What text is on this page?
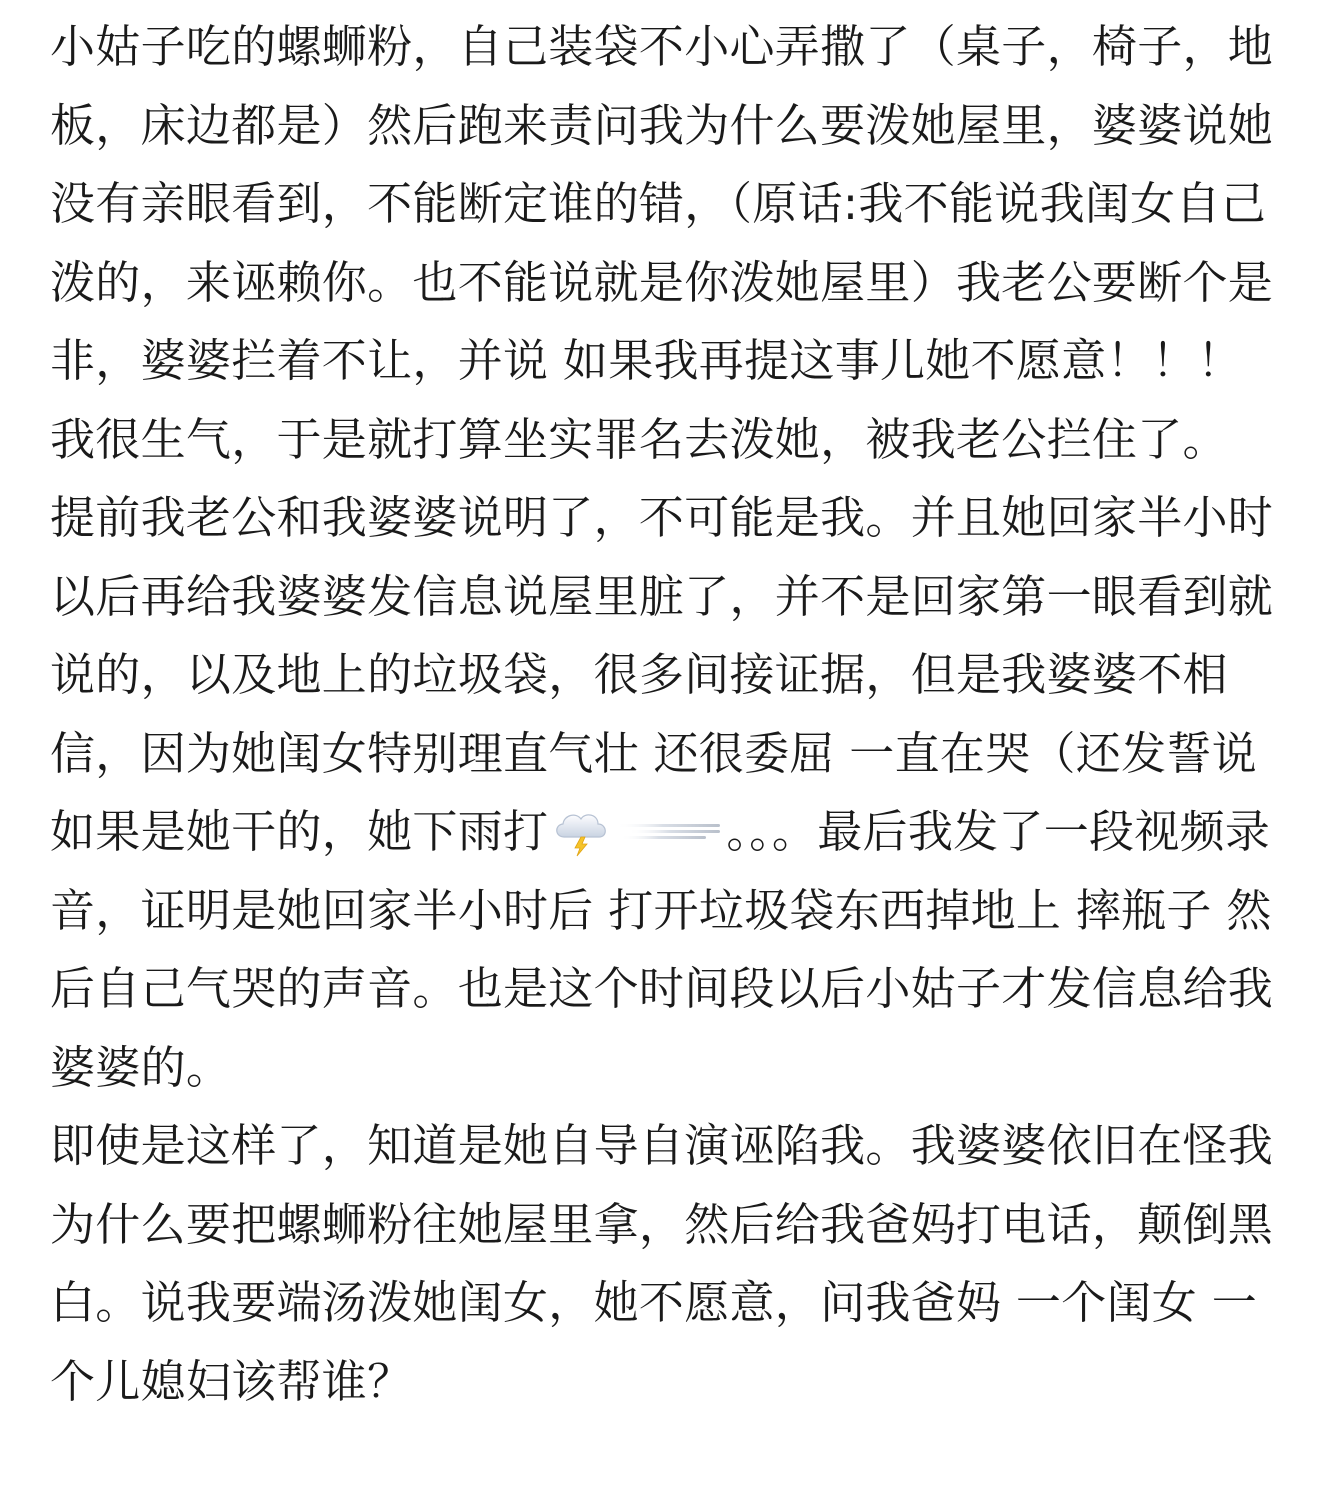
小姑子吃的螺蛳粉，自己装袋不小心弄撒了（桌子，椅子，地板，床边都是）然后跑来责问我为什么要泼她屋里，婆婆说她没有亲眼看到，不能断定谁的错，（原话:我不能说我闺女自己泼的，来诬赖你。也不能说就是你泼她屋里）我老公要断个是非，婆婆拦着不让，并说 如果我再提这事儿她不愿意！！！ 我很生气，于是就打算坐实罪名去泼她，被我老公拦住了。

提前我老公和我婆婆说明了，不可能是我。并且她回家半小时以后再给我婆婆发信息说屋里脏了，并不是回家第一眼看到就说的，以及地上的垃圾袋，很多间接证据，但是我婆婆不相信，因为她闺女特别理直气壮 还很委屈 一直在哭（还发誓说 如果是她干的，她下雨打	。。。最后我发了一段视频录音，证明是她回家半小时后 打开垃圾袋东西掉地上 摔瓶子 然后自己气哭的声音。也是这个时间段以后小姑子才发信息给我婆婆的。

即使是这样了，知道是她自导自演诬陷我。我婆婆依旧在怪我 为什么要把螺蛳粉往她屋里拿，然后给我爸妈打电话，颠倒黑白。说我要端汤泼她闺女，她不愿意，问我爸妈 一个闺女 一个儿媳妇该帮谁？
